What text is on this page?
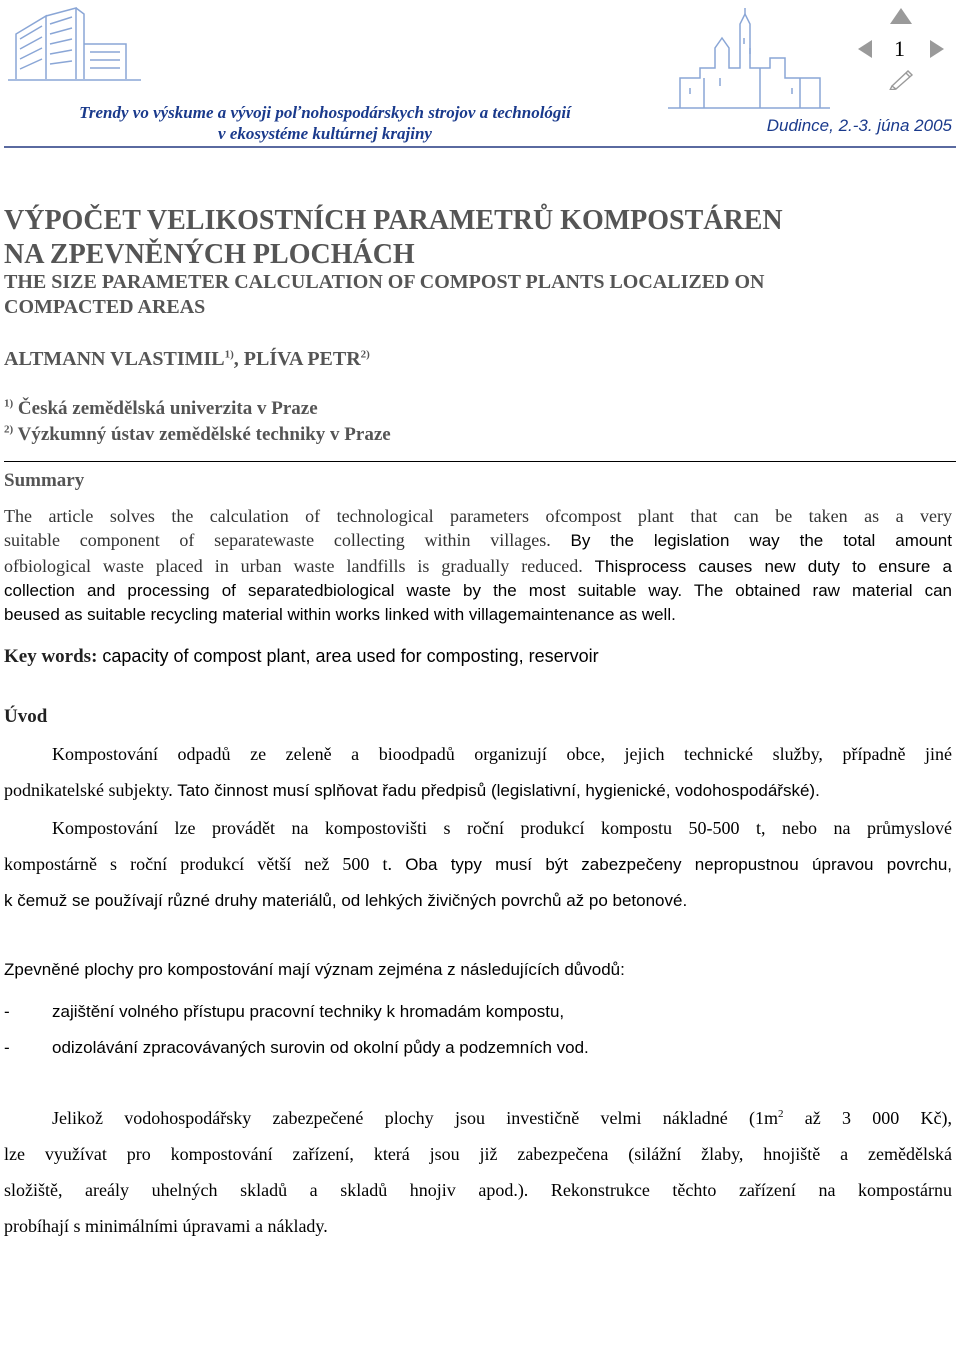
Trendy vo výskume a vývoji poľnohospodárskych strojov a technológií
v ekosystéme kultúrnej krajiny	Dudince, 2.-3. júna 2005
1
VÝPOČET VELIKOSTNÍCH PARAMETRŮ KOMPOSTÁREN
NA ZPEVNĚNÝCH PLOCHÁCH
THE SIZE PARAMETER CALCULATION OF COMPOST PLANTS LOCALIZED ON
COMPACTED AREAS
ALTMANN VLASTIMIL$^{1)}$, PLÍVA PETR$^{2)}$
$^{1)}$ Česká zemědělská univerzita v Praze
$^{2)}$ Výzkumný ústav zemědělské techniky v Praze
Summary
The article solves the calculation of technological parameters ofcompost plant that can be taken as a very
suitable component of separatewaste collecting within villages. By the legislation way the total amount
ofbiological waste placed in urban waste landfills is gradually reduced. Thisprocess causes new duty to ensure a
collection and processing of separatedbiological waste by the most suitable way. The obtained raw material can
beused as suitable recycling material within works linked with villagemaintenance as well.
Key words: capacity of compost plant, area used for composting, reservoir
Úvod
Kompostování odpadů ze zeleně a bioodpadů organizují obce, jejich technické služby, případně jiné
podnikatelské subjekty. Tato činnost musí splňovat řadu předpisů (legislativní, hygienické, vodohospodářské).
Kompostování lze provádět na kompostovišti s roční produkcí kompostu 50-500 t, nebo na průmyslové
kompostárně s roční produkcí větší než 500 t. Oba typy musí být zabezpečeny nepropustnou úpravou povrchu,
k čemuž se používají různé druhy materiálů, od lehkých živičných povrchů až po betonové.
Zpevněné plochy pro kompostování mají význam zejména z následujících důvodů:
- zajištění volného přístupu pracovní techniky k hromadám kompostu,
- odizolávání zpracovávaných surovin od okolní půdy a podzemních vod.
Jelikož vodohospodářsky zabezpečené plochy jsou investičně velmi nákladné ($1m^2$ až 3 000 Kč),
lze využívat pro kompostování zařízení, která jsou již zabezpečena (silážní žlaby, hnojiště a zemědělská
složiště, areály uhelných skladů a skladů hnojiv apod.). Rekonstrukce těchto zařízení na kompostárnu
probíhají s minimálními úpravami a náklady.
